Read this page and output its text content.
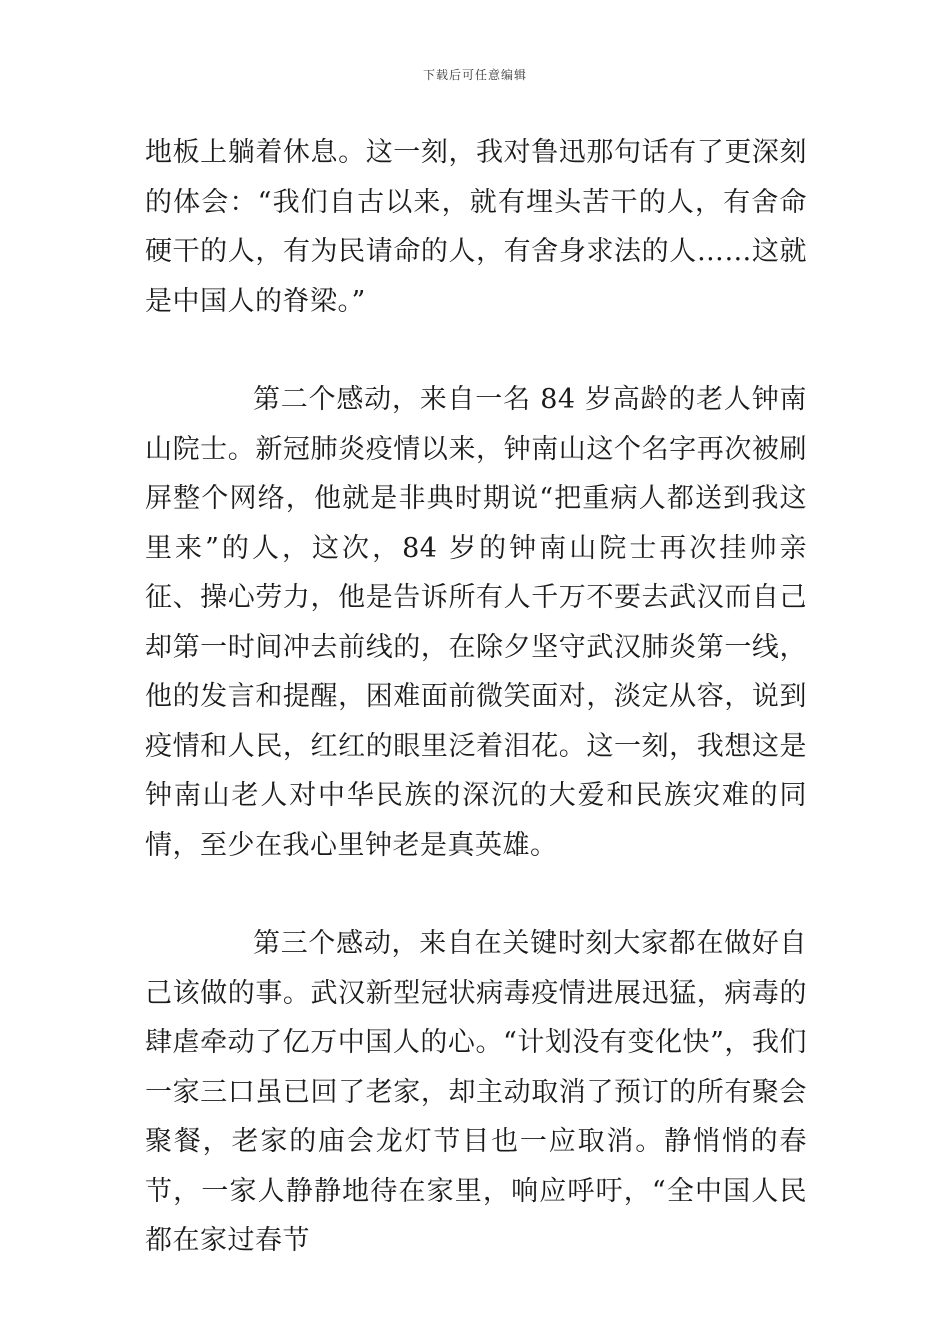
下载后可任意编辑

地板上躺着休息。这一刻，我对鲁迅那句话有了更深刻的体会：“我们自古以来，就有埋头苦干的人，有舍命硬干的人，有为民请命的人，有舍身求法的人……这就是中国人的脊梁。”

第二个感动，来自一名 84 岁高龄的老人钟南山院士。新冠肺炎疫情以来，钟南山这个名字再次被刷屏整个网络，他就是非典时期说“把重病人都送到我这里来”的人，这次，84 岁的钟南山院士再次挂帅亲征、操心劳力，他是告诉所有人千万不要去武汉而自己却第一时间冲去前线的，在除夕坚守武汉肺炎第一线，他的发言和提醒，困难面前微笑面对，淡定从容，说到疫情和人民，红红的眼里泛着泪花。这一刻，我想这是钟南山老人对中华民族的深沉的大爱和民族灾难的同情，至少在我心里钟老是真英雄。

第三个感动，来自在关键时刻大家都在做好自己该做的事。武汉新型冠状病毒疫情进展迅猛，病毒的肆虐牵动了亿万中国人的心。“计划没有变化快”，我们一家三口虽已回了老家，却主动取消了预订的所有聚会聚餐，老家的庙会龙灯节目也一应取消。静悄悄的春节，一家人静静地待在家里，响应呼吁，“全中国人民都在家过春节
